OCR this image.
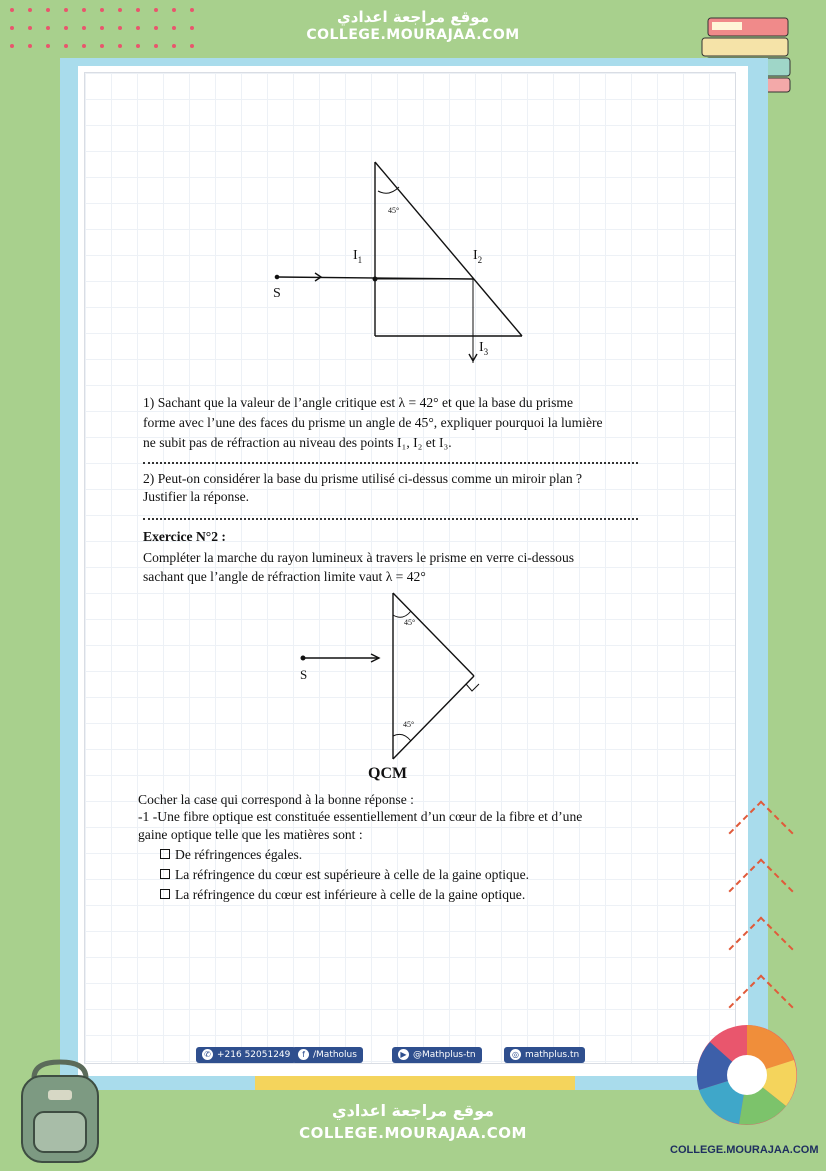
موقع مراجعة اعدادي
COLLEGE.MOURAJAA.COM
$I_1$	$I_2$
$I_3$
S
45°
S
45°
45°
1) Sachant que la valeur de l’angle critique est λ = 42° et que la base du prisme
forme avec l’une des faces du prisme un angle de 45°, expliquer pourquoi la lumière
ne subit pas de réfraction au niveau des points I₁, I₂ et I₃.
2) Peut-on considérer la base du prisme utilisé ci-dessus comme un miroir plan ?
Justifier la réponse.
Exercice N°2 :
Compléter la marche du rayon lumineux à travers le prisme en verre ci-dessous
sachant que l’angle de réfraction limite vaut λ = 42°
QCM
Cocher la case qui correspond à la bonne réponse :
-1 -Une fibre optique est constituée essentiellement d’un cœur de la fibre et d’une
gaine optique telle que les matières sont :
De réfringences égales.
La réfringence du cœur est supérieure à celle de la gaine optique.
La réfringence du cœur est inférieure à celle de la gaine optique.
✆ +216 52051249	f /Matholus	▶ @Mathplus-tn	◎ mathplus.tn
موقع مراجعة اعدادي
COLLEGE.MOURAJAA.COM
COLLEGE.MOURAJAA.COM
